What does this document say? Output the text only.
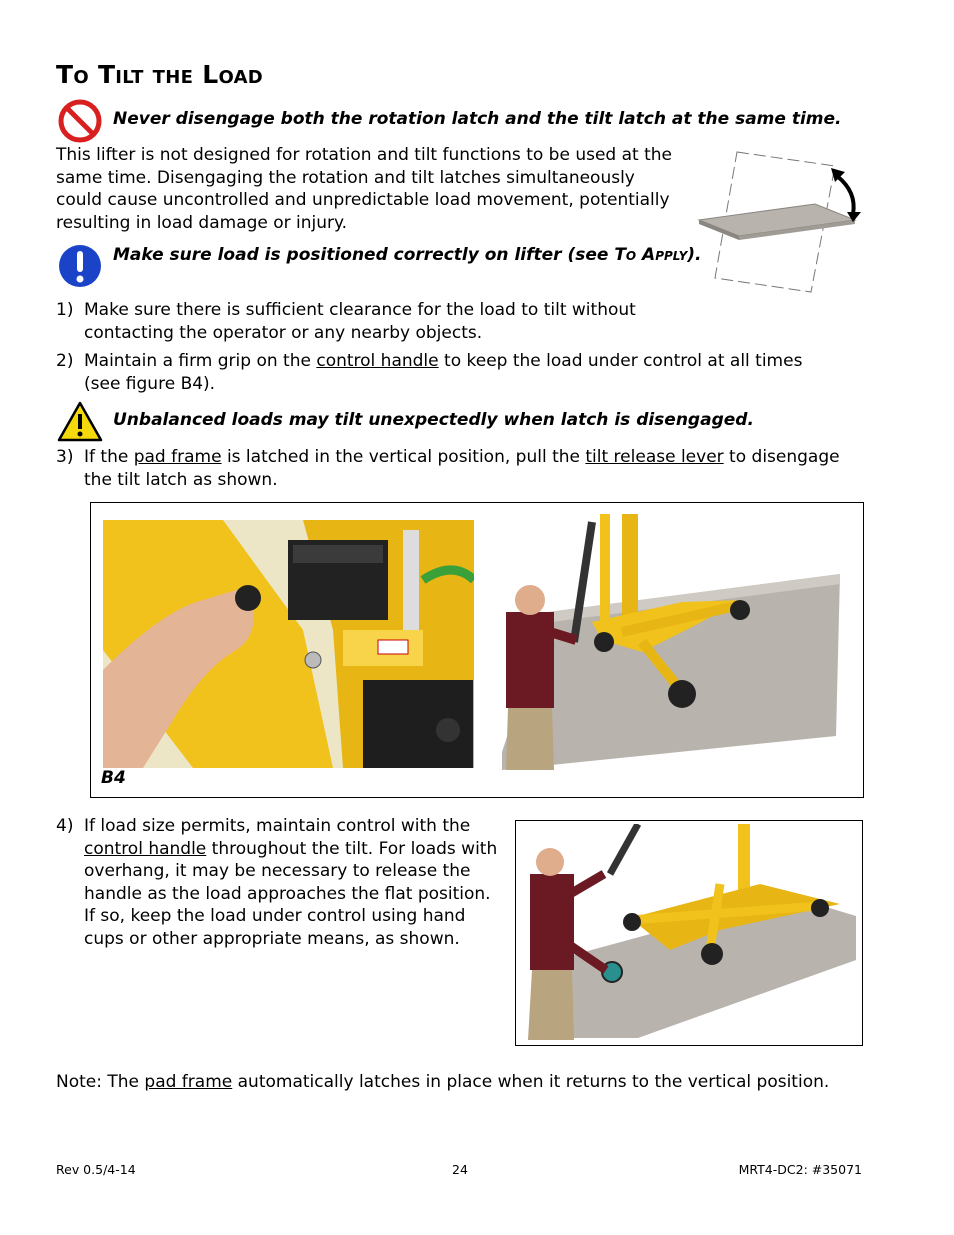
To Tilt the Load
Never disengage both the rotation latch and the tilt latch at the same time.
This lifter is not designed for rotation and tilt functions to be used at the same time. Disengaging the rotation and tilt latches simultaneously could cause uncontrolled and unpredictable load movement, potentially resulting in load damage or injury.
Make sure load is positioned correctly on lifter (see To Apply).
1) Make sure there is sufficient clearance for the load to tilt without contacting the operator or any nearby objects.
2) Maintain a firm grip on the control handle to keep the load under control at all times (see figure B4).
Unbalanced loads may tilt unexpectedly when latch is disengaged.
3) If the pad frame is latched in the vertical position, pull the tilt release lever to disengage the tilt latch as shown.
B4
4) If load size permits, maintain control with the control handle throughout the tilt. For loads with overhang, it may be necessary to release the handle as the load approaches the flat position. If so, keep the load under control using hand cups or other appropriate means, as shown.
Note: The pad frame automatically latches in place when it returns to the vertical position.
Rev 0.5/4-14	24	MRT4-DC2: #35071
